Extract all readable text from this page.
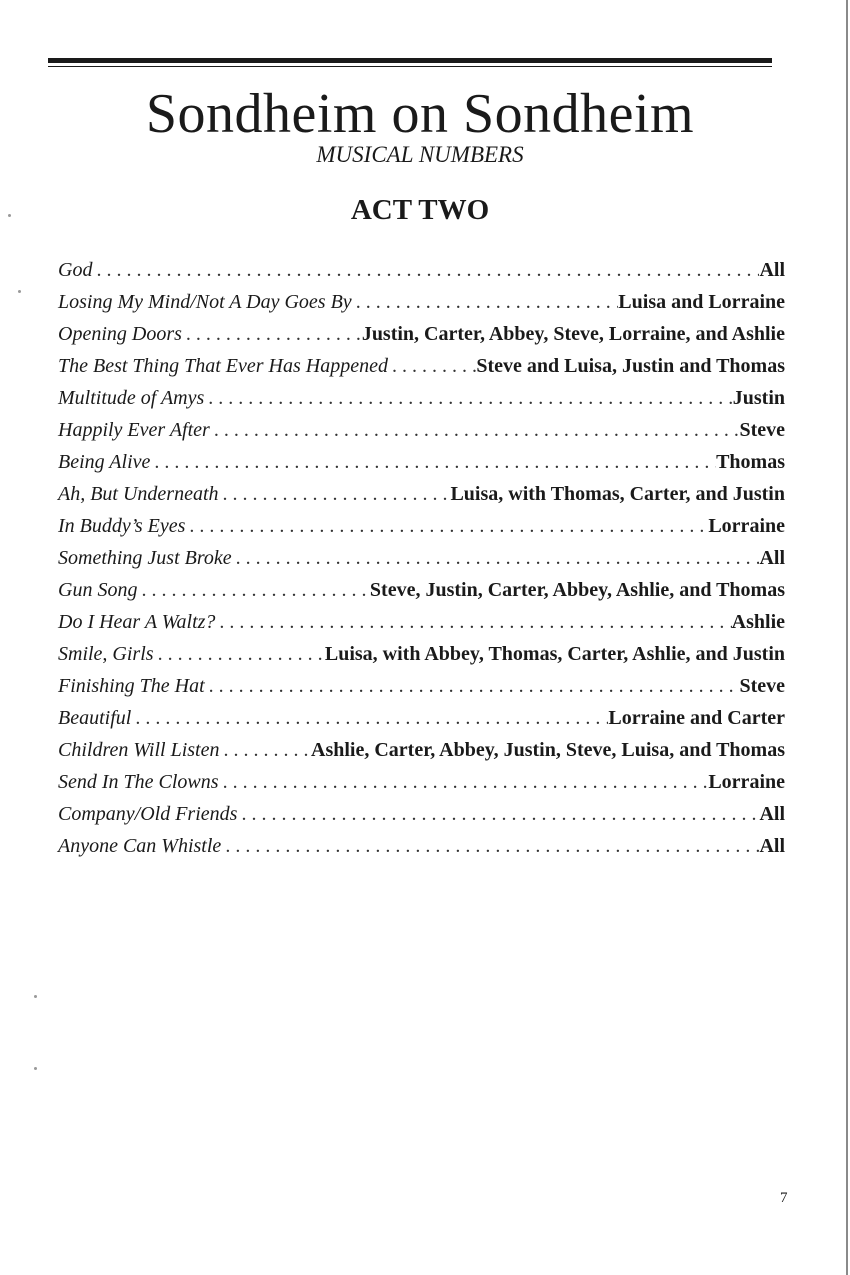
Sondheim on Sondheim
MUSICAL NUMBERS
ACT TWO
God . . .	All
Losing My Mind/Not A Day Goes By . . .	Luisa and Lorraine
Opening Doors . . .	Justin, Carter, Abbey, Steve, Lorraine, and Ashlie
The Best Thing That Ever Has Happened . . .	Steve and Luisa, Justin and Thomas
Multitude of Amys . . .	Justin
Happily Ever After . . .	Steve
Being Alive . . .	Thomas
Ah, But Underneath . . .	Luisa, with Thomas, Carter, and Justin
In Buddy’s Eyes . . .	Lorraine
Something Just Broke . . .	All
Gun Song . . .	Steve, Justin, Carter, Abbey, Ashlie, and Thomas
Do I Hear A Waltz? . . .	Ashlie
Smile, Girls . . .	Luisa, with Abbey, Thomas, Carter, Ashlie, and Justin
Finishing The Hat . . .	Steve
Beautiful . . .	Lorraine and Carter
Children Will Listen . . .	Ashlie, Carter, Abbey, Justin, Steve, Luisa, and Thomas
Send In The Clowns . . .	Lorraine
Company/Old Friends . . .	All
Anyone Can Whistle . . .	All
7
